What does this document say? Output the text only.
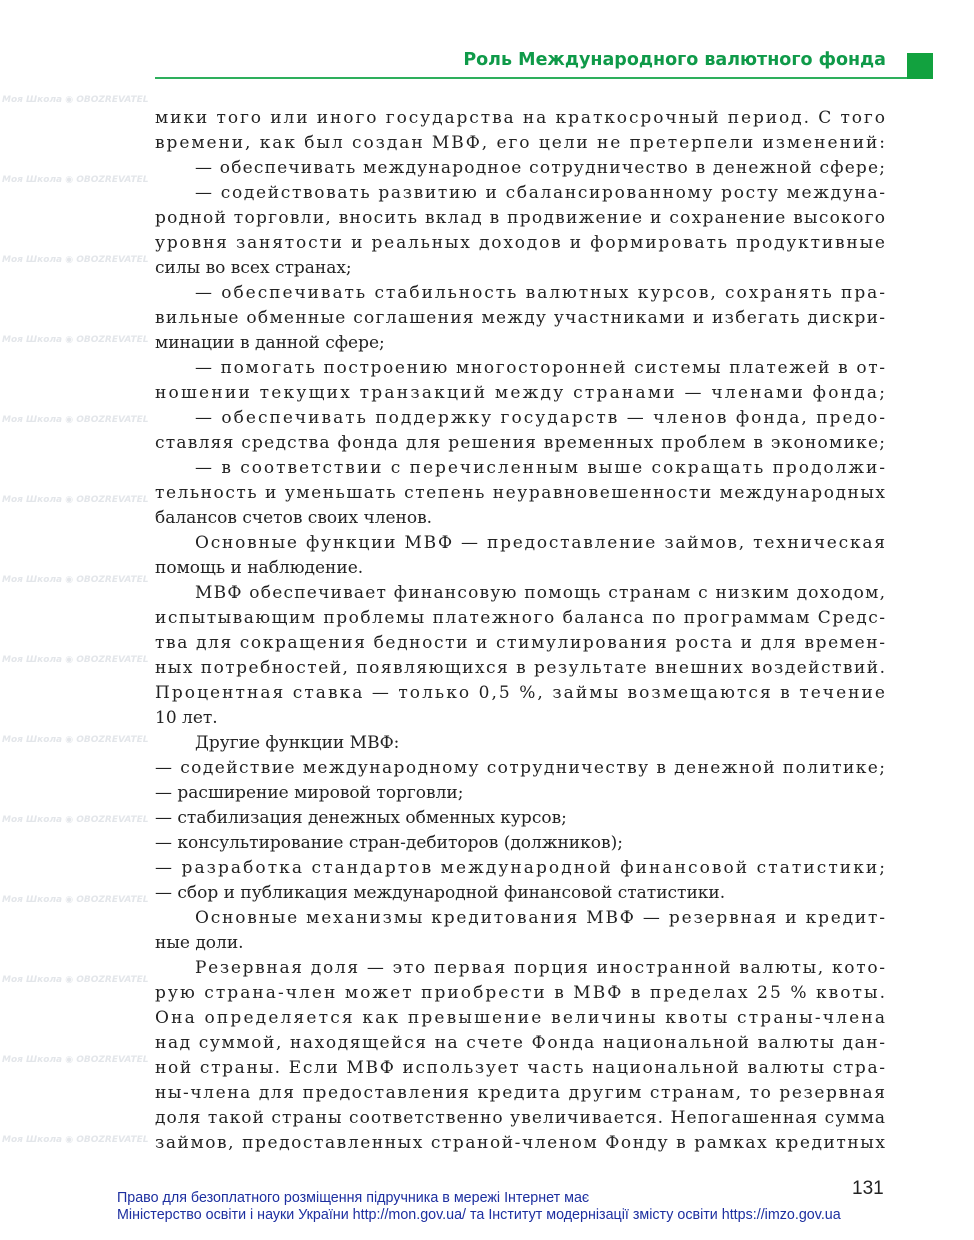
Роль Международного валютного фонда
мики того или иного государства на краткосрочный период. С того
времени, как был создан МВФ, его цели не претерпели изменений:
— обеспечивать международное сотрудничество в денежной сфере;
— содействовать развитию и сбалансированному росту междуна-
родной торговли, вносить вклад в продвижение и сохранение высокого
уровня занятости и реальных доходов и формировать продуктивные
силы во всех странах;
— обеспечивать стабильность валютных курсов, сохранять пра-
вильные обменные соглашения между участниками и избегать дискри-
минации в данной сфере;
— помогать построению многосторонней системы платежей в от-
ношении текущих транзакций между странами — членами фонда;
— обеспечивать поддержку государств — членов фонда, предо-
ставляя средства фонда для решения временных проблем в экономике;
— в соответствии с перечисленным выше сокращать продолжи-
тельность и уменьшать степень неуравновешенности международных
балансов счетов своих членов.
Основные функции МВФ — предоставление займов, техническая
помощь и наблюдение.
МВФ обеспечивает финансовую помощь странам с низким доходом,
испытывающим проблемы платежного баланса по программам Средс-
тва для сокращения бедности и стимулирования роста и для времен-
ных потребностей, появляющихся в результате внешних воздействий.
Процентная ставка — только 0,5 %, займы возмещаются в течение
10 лет.
Другие функции МВФ:
— содействие международному сотрудничеству в денежной политике;
— расширение мировой торговли;
— стабилизация денежных обменных курсов;
— консультирование стран-дебиторов (должников);
— разработка стандартов международной финансовой статистики;
— сбор и публикация международной финансовой статистики.
Основные механизмы кредитования МВФ — резервная и кредит-
ные доли.
Резервная доля — это первая порция иностранной валюты, кото-
рую страна-член может приобрести в МВФ в пределах 25 % квоты.
Она определяется как превышение величины квоты страны-члена
над суммой, находящейся на счете Фонда национальной валюты дан-
ной страны. Если МВФ использует часть национальной валюты стра-
ны-члена для предоставления кредита другим странам, то резервная
доля такой страны соответственно увеличивается. Непогашенная сумма
займов, предоставленных страной-членом Фонду в рамках кредитных
131
Право для безоплатного розміщення підручника в мережі Інтернет має
Міністерство освіти і науки України http://mon.gov.ua/ та Інститут модернізації змісту освіти https://imzo.gov.ua
Моя Школа ◉ OBOZREVATEL
Моя Школа ◉ OBOZREVATEL
Моя Школа ◉ OBOZREVATEL
Моя Школа ◉ OBOZREVATEL
Моя Школа ◉ OBOZREVATEL
Моя Школа ◉ OBOZREVATEL
Моя Школа ◉ OBOZREVATEL
Моя Школа ◉ OBOZREVATEL
Моя Школа ◉ OBOZREVATEL
Моя Школа ◉ OBOZREVATEL
Моя Школа ◉ OBOZREVATEL
Моя Школа ◉ OBOZREVATEL
Моя Школа ◉ OBOZREVATEL
Моя Школа ◉ OBOZREVATEL
